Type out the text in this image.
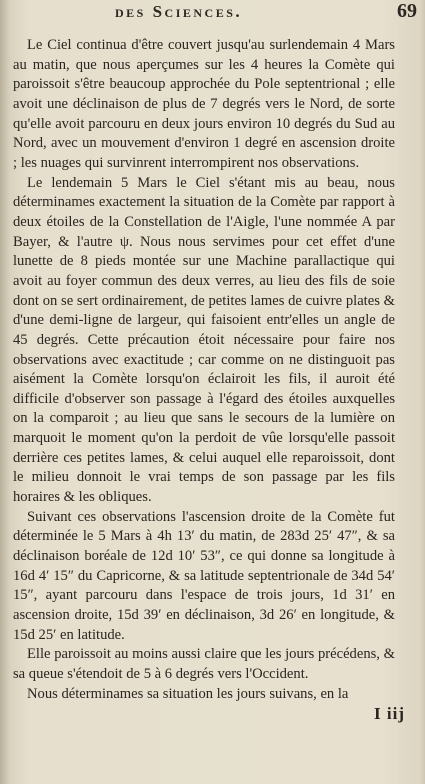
des Sciences.	69

Le Ciel continua d'être couvert jusqu'au surlendemain 4 Mars au matin, que nous aperçumes sur les 4 heures la Comète qui paroissoit s'être beaucoup approchée du Pole septentrional ; elle avoit une déclinaison de plus de 7 degrés vers le Nord, de sorte qu'elle avoit parcouru en deux jours environ 10 degrés du Sud au Nord, avec un mouvement d'environ 1 degré en ascension droite ; les nuages qui survinrent interrompirent nos observations.

Le lendemain 5 Mars le Ciel s'étant mis au beau, nous déterminames exactement la situation de la Comète par rapport à deux étoiles de la Constellation de l'Aigle, l'une nommée A par Bayer, & l'autre ψ. Nous nous servimes pour cet effet d'une lunette de 8 pieds montée sur une Machine parallactique qui avoit au foyer commun des deux verres, au lieu des fils de soie dont on se sert ordinairement, de petites lames de cuivre plates & d'une demi-ligne de largeur, qui faisoient entr'elles un angle de 45 degrés. Cette précaution étoit nécessaire pour faire nos observations avec exactitude ; car comme on ne distinguoit pas aisément la Comète lorsqu'on éclairoit les fils, il auroit été difficile d'observer son passage à l'égard des étoiles auxquelles on la comparoit ; au lieu que sans le secours de la lumière on marquoit le moment qu'on la perdoit de vûe lorsqu'elle passoit derrière ces petites lames, & celui auquel elle reparoissoit, dont le milieu donnoit le vrai temps de son passage par les fils horaires & les obliques.

Suivant ces observations l'ascension droite de la Comète fut déterminée le 5 Mars à 4h 13′ du matin, de 283d 25′ 47″, & sa déclinaison boréale de 12d 10′ 53″, ce qui donne sa longitude à 16d 4′ 15″ du Capricorne, & sa latitude septentrionale de 34d 54′ 15″, ayant parcouru dans l'espace de trois jours, 1d 31′ en ascension droite, 15d 39′ en déclinaison, 3d 26′ en longitude, & 15d 25′ en latitude.

Elle paroissoit au moins aussi claire que les jours précédens, & sa queue s'étendoit de 5 à 6 degrés vers l'Occident.

Nous déterminames sa situation les jours suivans, en la

I iij
